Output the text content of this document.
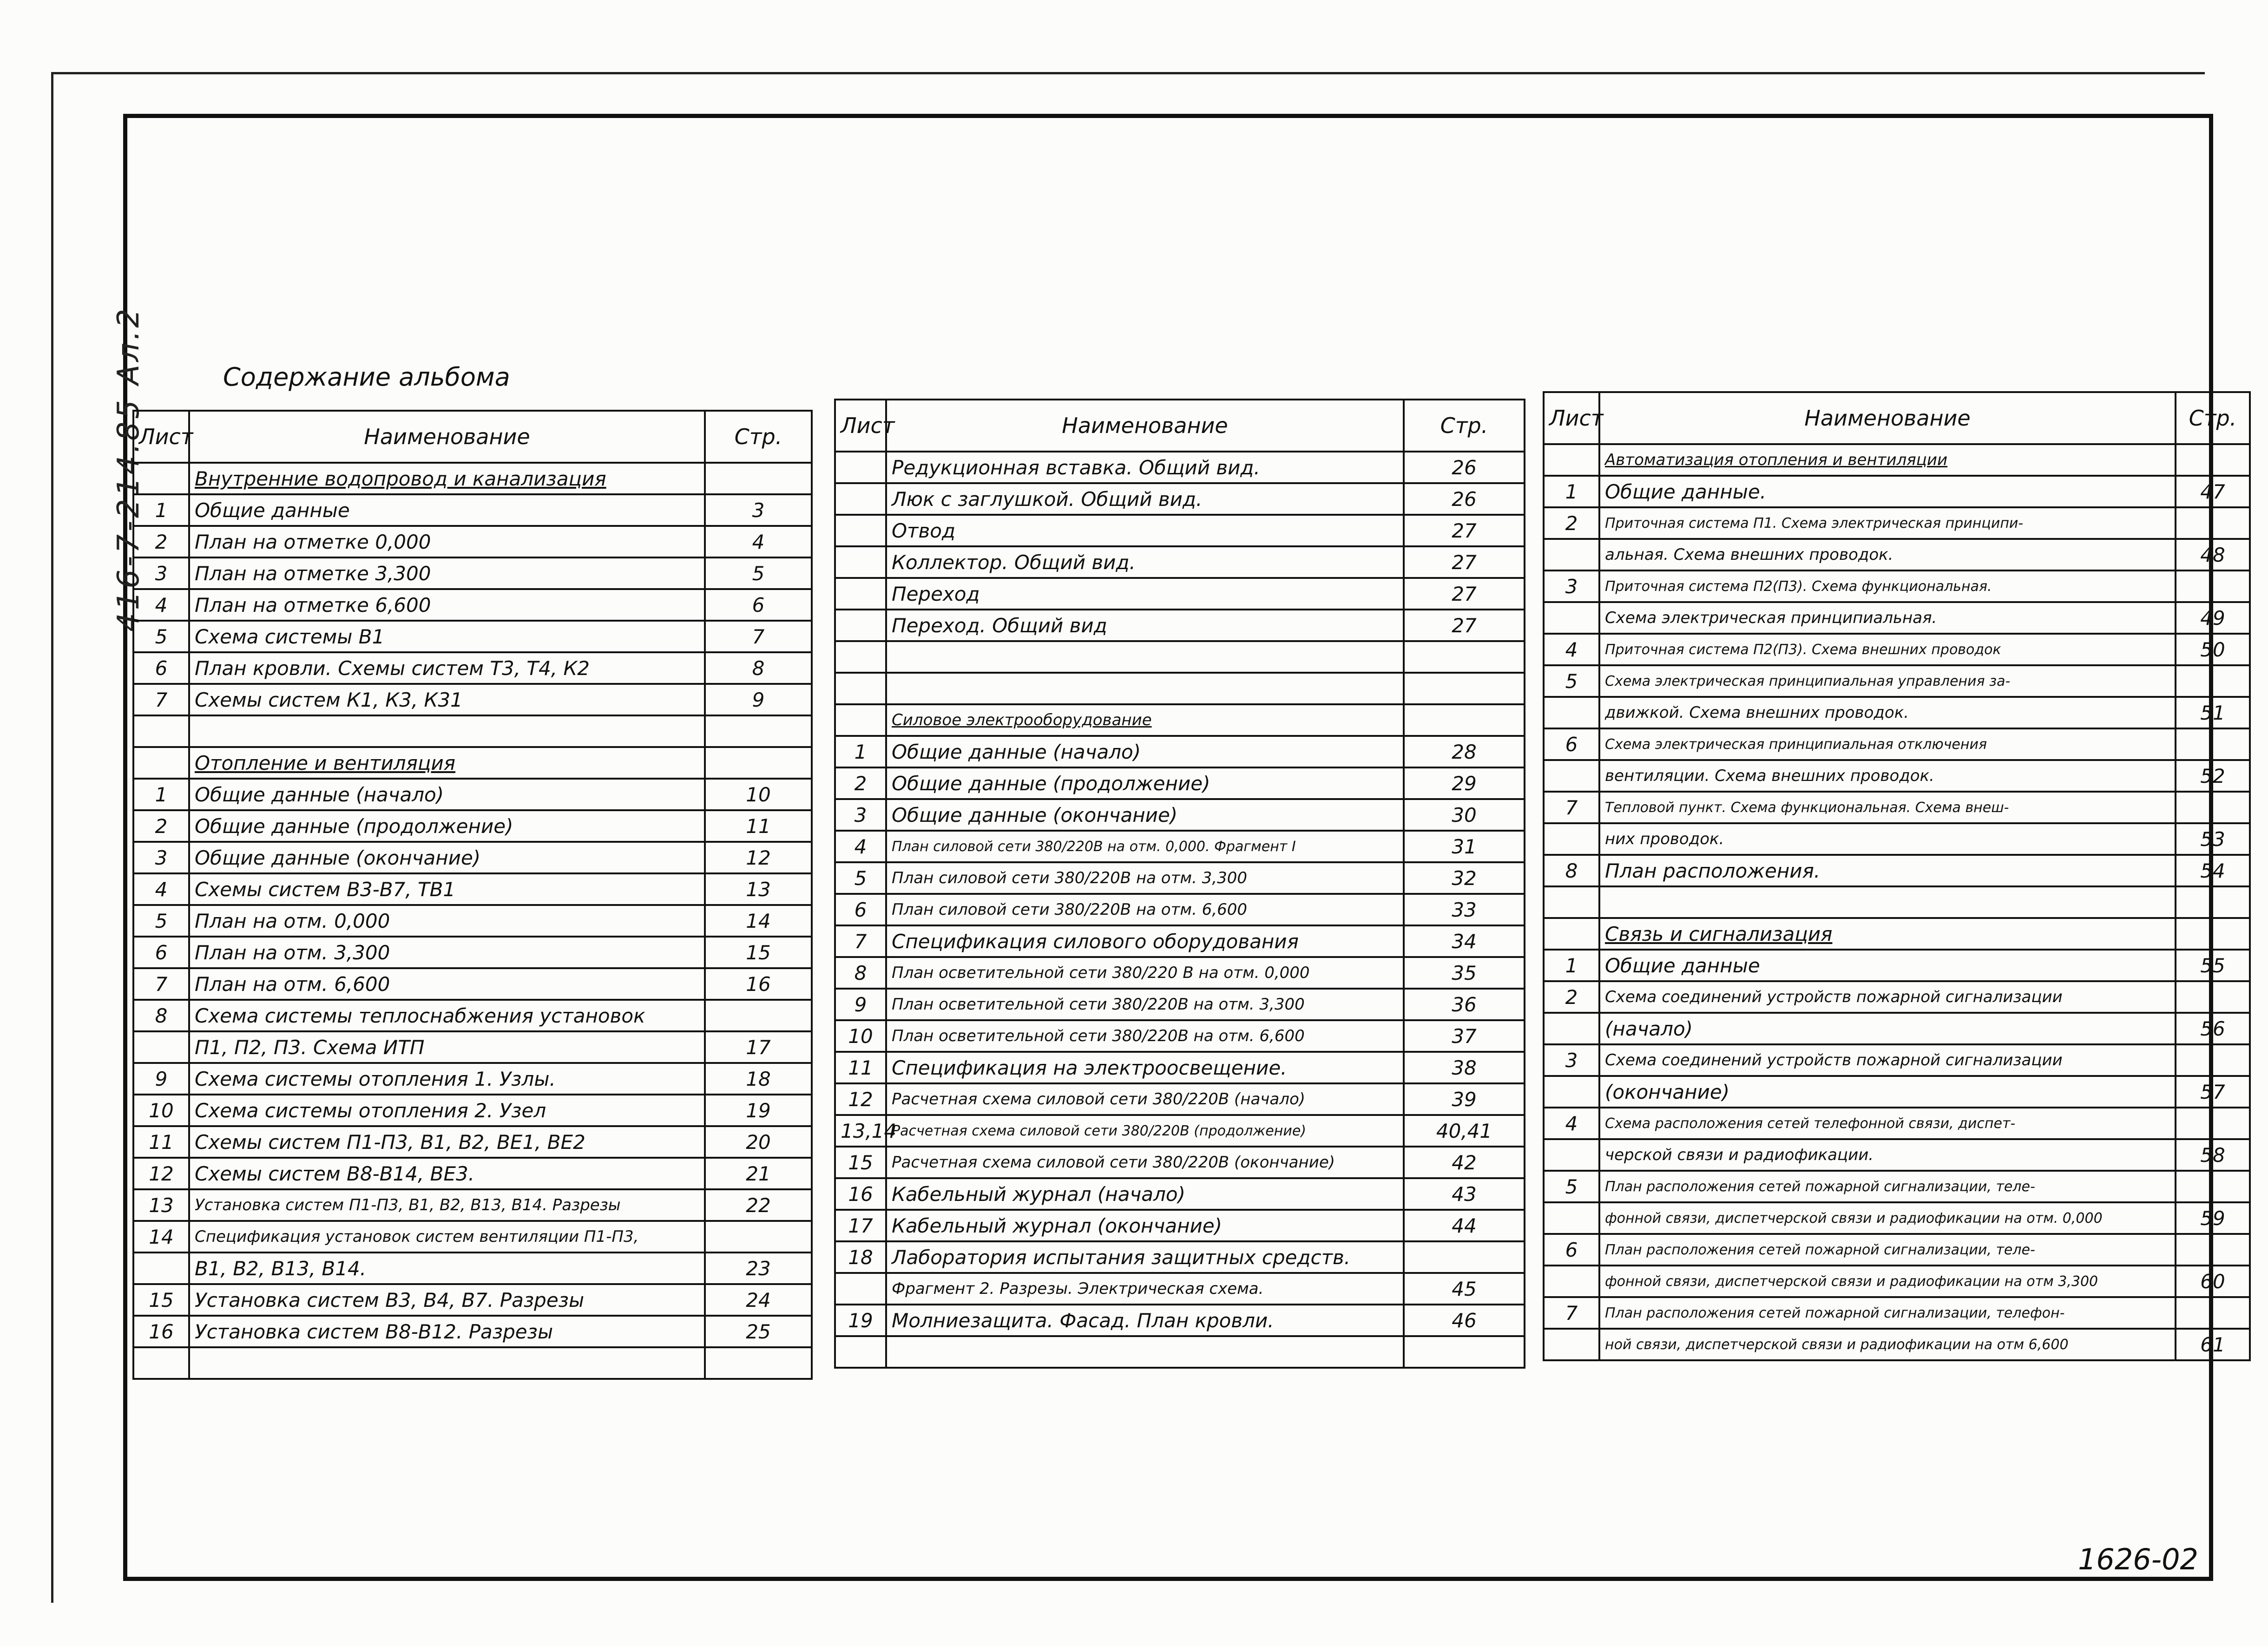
416-7-214.85 Ал.2	Содержание альбома
Лист	Наименование	Стр.
	Внутренние водопровод и канализация	
1	Общие данные	3
2	План на отметке 0,000	4
3	План на отметке 3,300	5
4	План на отметке 6,600	6
5	Схема системы В1	7
6	План кровли. Схемы систем Т3, Т4, К2	8
7	Схемы систем К1, К3, К31	9

	Отопление и вентиляция	
1	Общие данные (начало)	10
2	Общие данные (продолжение)	11
3	Общие данные (окончание)	12
4	Схемы систем В3-В7, ТВ1	13
5	План на отм. 0,000	14
6	План на отм. 3,300	15
7	План на отм. 6,600	16
8	Схема системы теплоснабжения установок	
	П1, П2, П3. Схема ИТП	17
9	Схема системы отопления 1. Узлы.	18
10	Схема системы отопления 2. Узел	19
11	Схемы систем П1-П3, В1, В2, ВЕ1, ВЕ2	20
12	Схемы систем В8-В14, ВЕ3.	21
13	Установка систем П1-П3, В1, В2, В13, В14. Разрезы	22
14	Спецификация установок систем вентиляции П1-П3,	
	В1, В2, В13, В14.	23
15	Установка систем В3, В4, В7. Разрезы	24
16	Установка систем В8-В12. Разрезы	25

Лист	Наименование	Стр.
	Редукционная вставка. Общий вид.	26
	Люк с заглушкой. Общий вид.	26
	Отвод	27
	Коллектор. Общий вид.	27
	Переход	27
	Переход. Общий вид	27

	Силовое электрооборудование	
1	Общие данные (начало)	28
2	Общие данные (продолжение)	29
3	Общие данные (окончание)	30
4	План силовой сети 380/220В на отм. 0,000. Фрагмент I	31
5	План силовой сети 380/220В на отм. 3,300	32
6	План силовой сети 380/220В на отм. 6,600	33
7	Спецификация силового оборудования	34
8	План осветительной сети 380/220 В на отм. 0,000	35
9	План осветительной сети 380/220В на отм. 3,300	36
10	План осветительной сети 380/220В на отм. 6,600	37
11	Спецификация на электроосвещение.	38
12	Расчетная схема силовой сети 380/220В (начало)	39
13,14	Расчетная схема силовой сети 380/220В (продолжение)	40,41
15	Расчетная схема силовой сети 380/220В (окончание)	42
16	Кабельный журнал (начало)	43
17	Кабельный журнал (окончание)	44
18	Лаборатория испытания защитных средств.	
	Фрагмент 2. Разрезы. Электрическая схема.	45
19	Молниезащита. Фасад. План кровли.	46

Лист	Наименование	Стр.
	Автоматизация отопления и вентиляции	
1	Общие данные.	47
2	Приточная система П1. Схема электрическая принципи-	
	альная. Схема внешних проводок.	48
3	Приточная система П2(П3). Схема функциональная.	
	Схема электрическая принципиальная.	49
4	Приточная система П2(П3). Схема внешних проводок	50
5	Схема электрическая принципиальная управления за-	
	движкой. Схема внешних проводок.	51
6	Схема электрическая принципиальная отключения	
	вентиляции. Схема внешних проводок.	52
7	Тепловой пункт. Схема функциональная. Схема внеш-	
	них проводок.	53
8	План расположения.	54

	Связь и сигнализация	
1	Общие данные	55
2	Схема соединений устройств пожарной сигнализации	
	(начало)	56
3	Схема соединений устройств пожарной сигнализации	
	(окончание)	57
4	Схема расположения сетей телефонной связи, диспет-	
	черской связи и радиофикации.	58
5	План расположения сетей пожарной сигнализации, теле-	
	фонной связи, диспетчерской связи и радиофикации на отм. 0,000	59
6	План расположения сетей пожарной сигнализации, теле-	
	фонной связи, диспетчерской связи и радиофикации на отм 3,300	60
7	План расположения сетей пожарной сигнализации, телефон-	
	ной связи, диспетчерской связи и радиофикации на отм 6,600	61
1626-02
